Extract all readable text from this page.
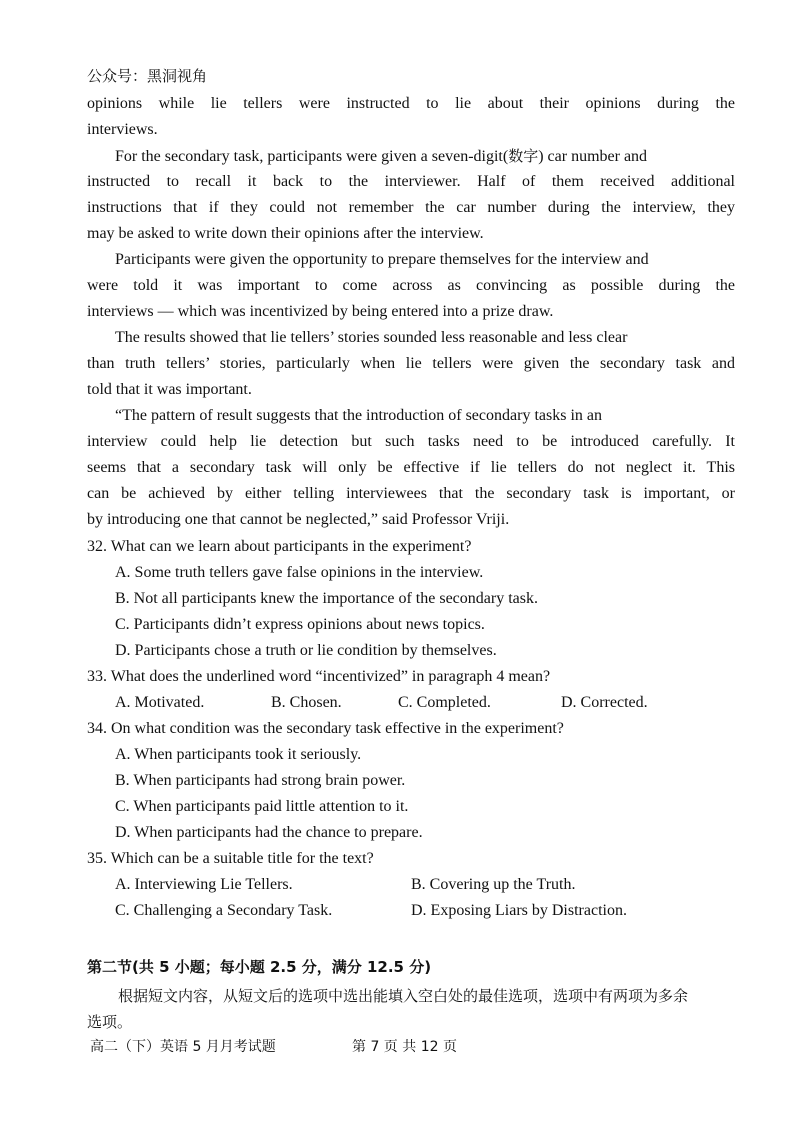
公众号：黑洞视角
opinions while lie tellers were instructed to lie about their opinions during the
interviews.
For the secondary task, participants were given a seven-digit(数字) car number and
instructed to recall it back to the interviewer. Half of them received additional
instructions that if they could not remember the car number during the interview, they
may be asked to write down their opinions after the interview.
Participants were given the opportunity to prepare themselves for the interview and
were told it was important to come across as convincing as possible during the
interviews — which was incentivized by being entered into a prize draw.
The results showed that lie tellers’ stories sounded less reasonable and less clear
than truth tellers’ stories, particularly when lie tellers were given the secondary task and
told that it was important.
“The pattern of result suggests that the introduction of secondary tasks in an
interview could help lie detection but such tasks need to be introduced carefully. It
seems that a secondary task will only be effective if lie tellers do not neglect it. This
can be achieved by either telling interviewees that the secondary task is important, or
by introducing one that cannot be neglected,” said Professor Vriji.
32. What can we learn about participants in the experiment?
A. Some truth tellers gave false opinions in the interview.
B. Not all participants knew the importance of the secondary task.
C. Participants didn’t express opinions about news topics.
D. Participants chose a truth or lie condition by themselves.
33. What does the underlined word “incentivized” in paragraph 4 mean?
A. Motivated.	B. Chosen.	C. Completed.	D. Corrected.
34. On what condition was the secondary task effective in the experiment?
A. When participants took it seriously.
B. When participants had strong brain power.
C. When participants paid little attention to it.
D. When participants had the chance to prepare.
35. Which can be a suitable title for the text?
A. Interviewing Lie Tellers.	B. Covering up the Truth.
C. Challenging a Secondary Task.	D. Exposing Liars by Distraction.
第二节(共 5 小题；每小题 2.5 分，满分 12.5 分)
根据短文内容，从短文后的选项中选出能填入空白处的最佳选项，选项中有两项为多余
选项。
高二（下）英语 5 月月考试题	第 7 页 共 12 页
